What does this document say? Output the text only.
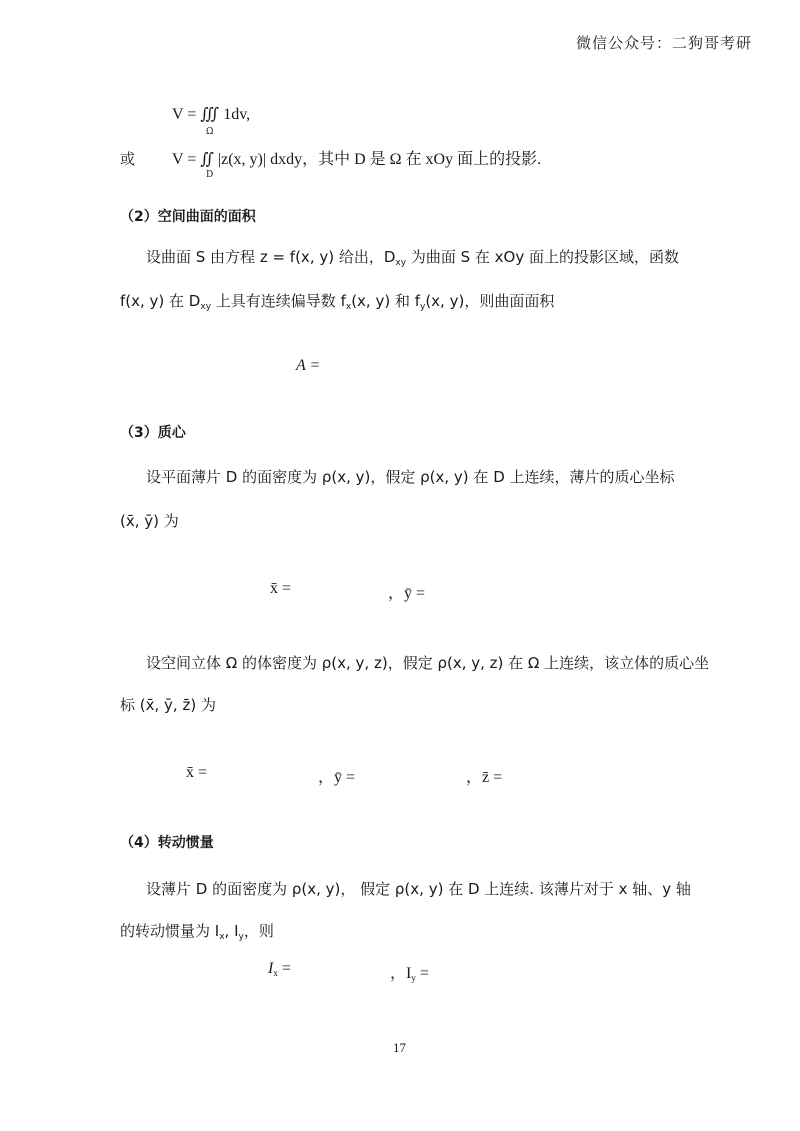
微信公众号：二狗哥考研
V = ∭ 1dv,
Ω
或 V = ∬ |z(x, y)| dxdy，其中 D 是 Ω 在 xOy 面上的投影.
D
（2）空间曲面的面积
设曲面 S 由方程 z = f(x, y) 给出，$D_{xy}$ 为曲面 S 在 xOy 面上的投影区域，函数
f(x, y) 在 $D_{xy}$ 上具有连续偏导数 $f_x(x$, y) 和 $f_y(x$, y)，则曲面面积
A =
（3）质心
设平面薄片 D 的面密度为 ρ(x, y)，假定 ρ(x, y) 在 D 上连续，薄片的质心坐标
(x̄, ȳ) 为
x̄ =	，ȳ =
设空间立体 Ω 的体密度为 ρ(x, y, z)，假定 ρ(x, y, z) 在 Ω 上连续，该立体的质心坐
标 (x̄, ȳ, z̄) 为
x̄ =	，ȳ =	，z̄ =
（4）转动惯量
设薄片 D 的面密度为 ρ(x, y)， 假定 ρ(x, y) 在 D 上连续. 该薄片对于 x 轴、y 轴
的转动惯量为 $I_x$, $I_y$，则
Ix =	，Iy =
17
